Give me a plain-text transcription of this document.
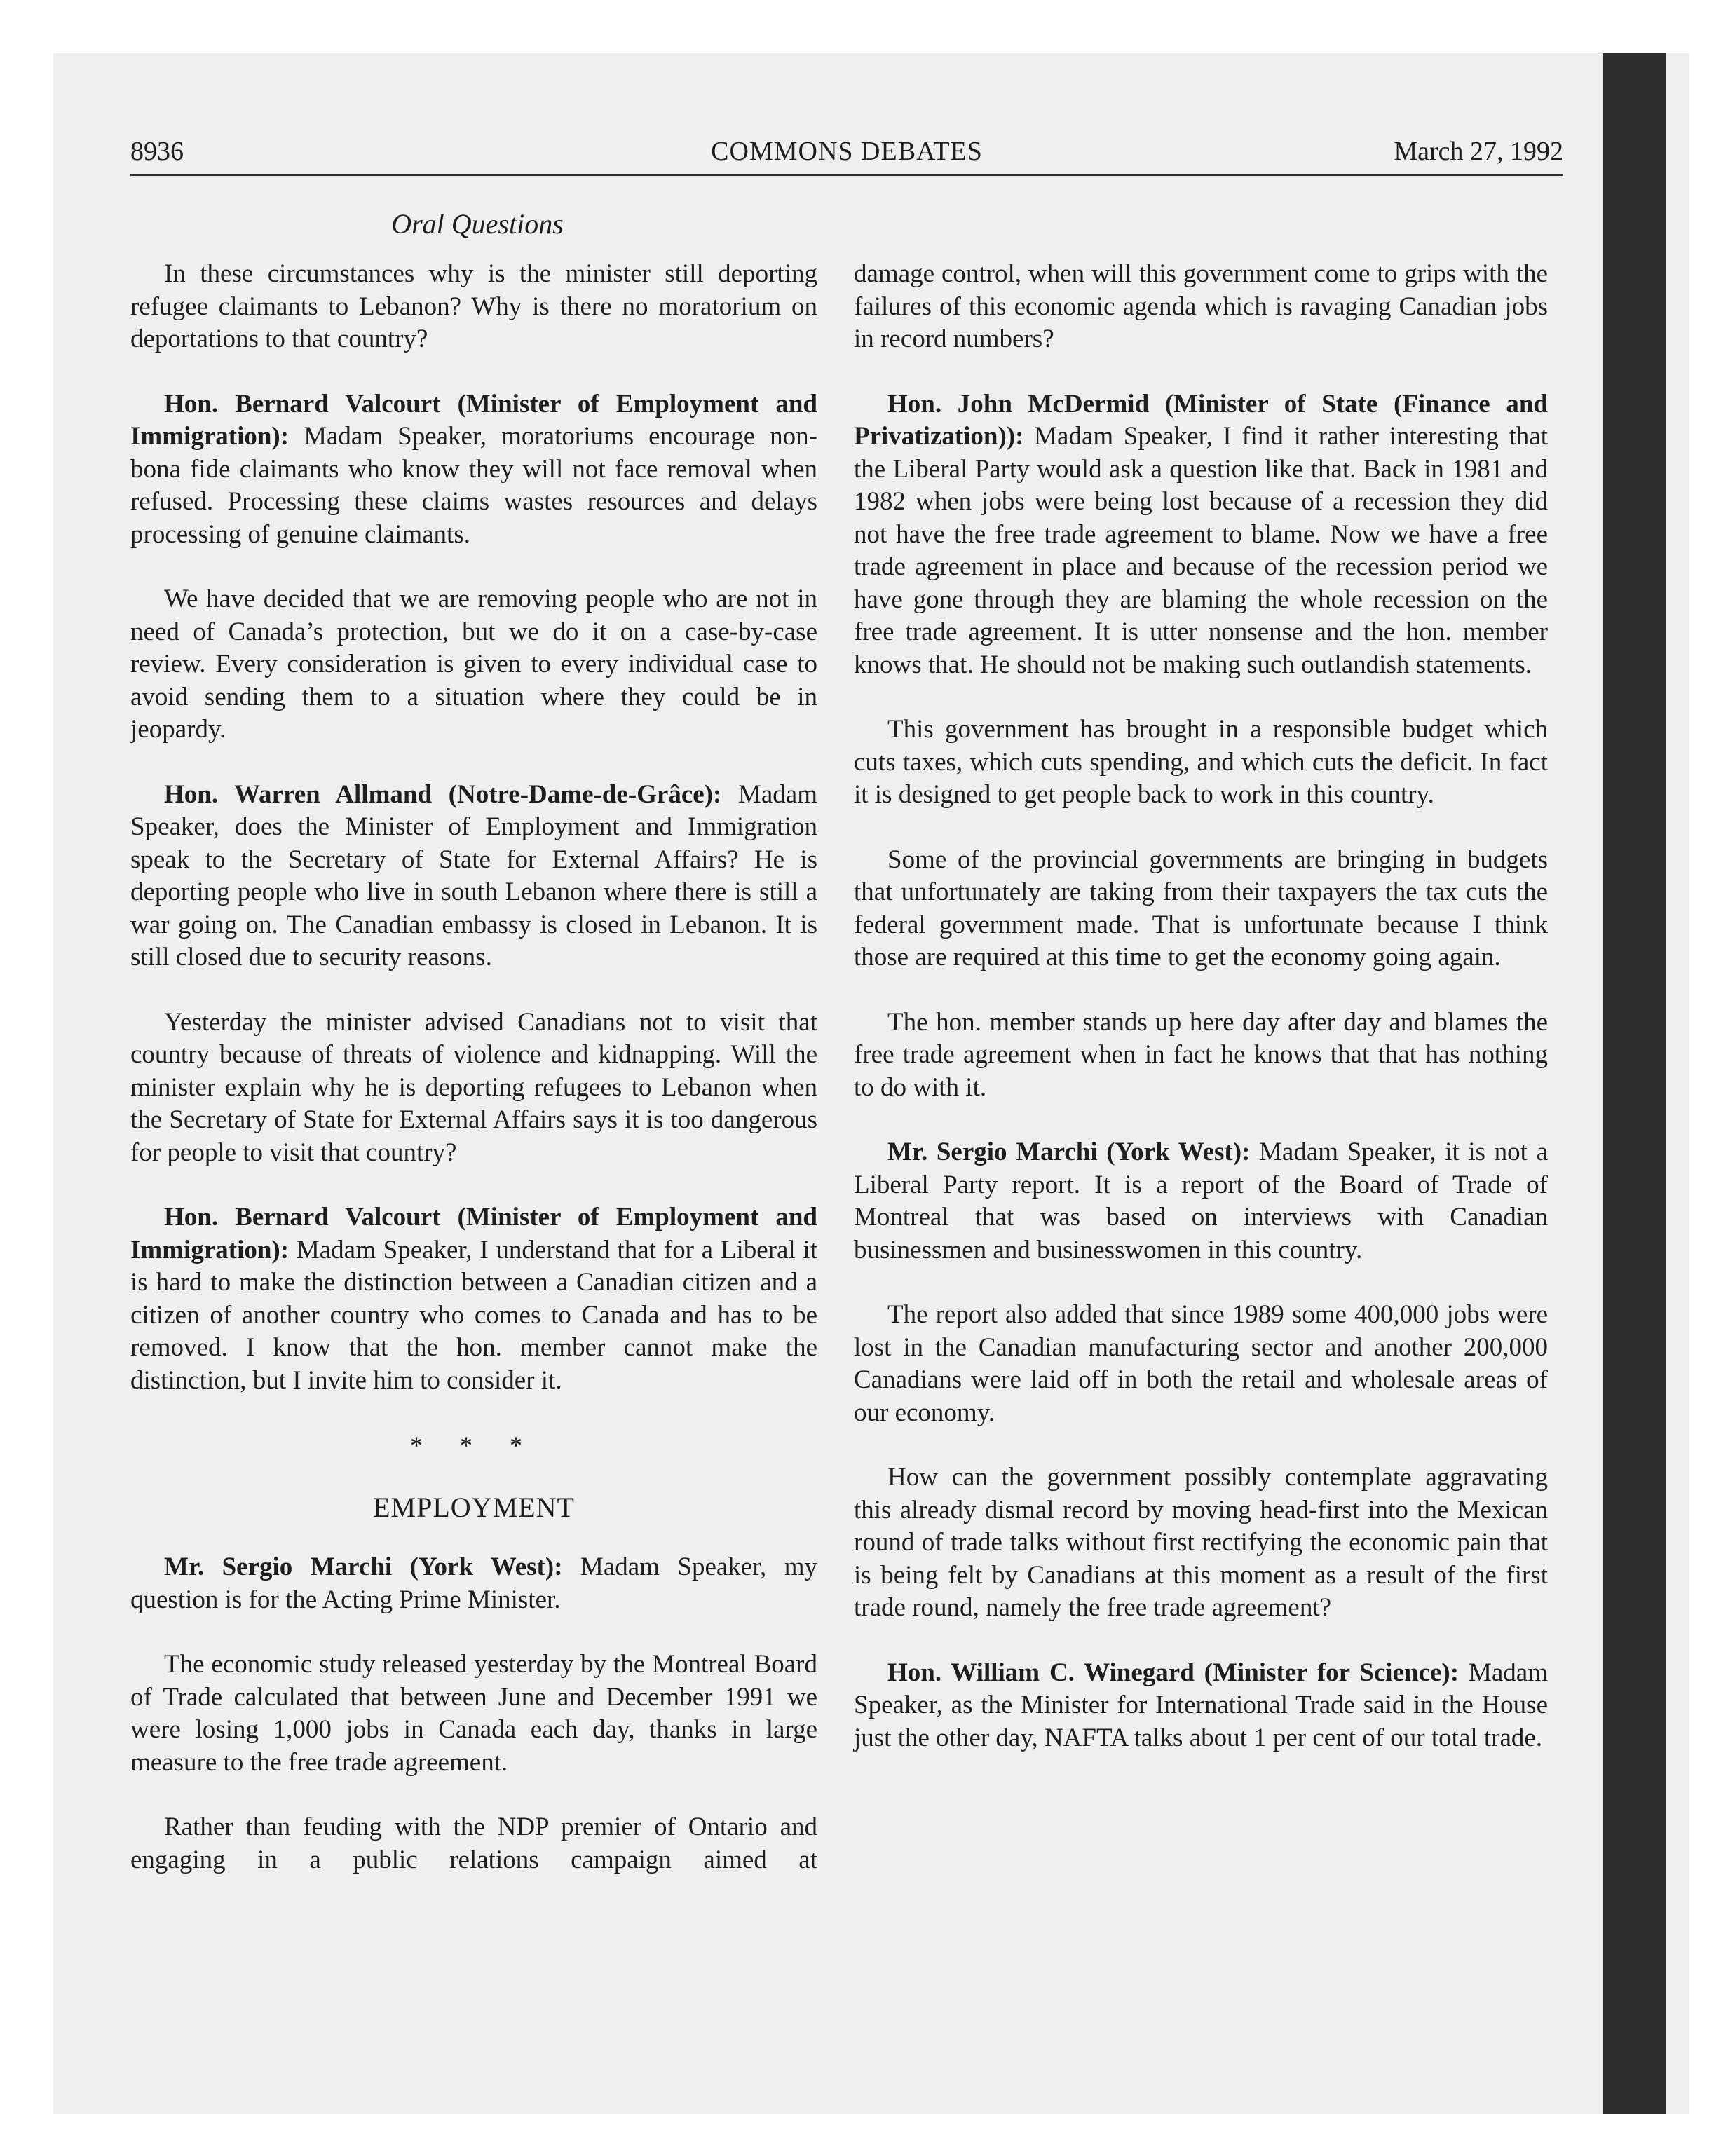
COMMONS DEBATES
8936	March 27, 1992
Oral Questions

In these circumstances why is the minister still deporting refugee claimants to Lebanon? Why is there no moratorium on deportations to that country?

Hon. Bernard Valcourt (Minister of Employment and Immigration): Madam Speaker, moratoriums encourage non-bona fide claimants who know they will not face removal when refused. Processing these claims wastes resources and delays processing of genuine claimants.

We have decided that we are removing people who are not in need of Canada’s protection, but we do it on a case-by-case review. Every consideration is given to every individual case to avoid sending them to a situation where they could be in jeopardy.

Hon. Warren Allmand (Notre-Dame-de-Grâce): Madam Speaker, does the Minister of Employment and Immigration speak to the Secretary of State for External Affairs? He is deporting people who live in south Lebanon where there is still a war going on. The Canadian embassy is closed in Lebanon. It is still closed due to security reasons.

Yesterday the minister advised Canadians not to visit that country because of threats of violence and kidnapping. Will the minister explain why he is deporting refugees to Lebanon when the Secretary of State for External Affairs says it is too dangerous for people to visit that country?

Hon. Bernard Valcourt (Minister of Employment and Immigration): Madam Speaker, I understand that for a Liberal it is hard to make the distinction between a Canadian citizen and a citizen of another country who comes to Canada and has to be removed. I know that the hon. member cannot make the distinction, but I invite him to consider it.

* * *
EMPLOYMENT

Mr. Sergio Marchi (York West): Madam Speaker, my question is for the Acting Prime Minister.

The economic study released yesterday by the Montreal Board of Trade calculated that between June and December 1991 we were losing 1,000 jobs in Canada each day, thanks in large measure to the free trade agreement.

Rather than feuding with the NDP premier of Ontario and engaging in a public relations campaign aimed at

damage control, when will this government come to grips with the failures of this economic agenda which is ravaging Canadian jobs in record numbers?

Hon. John McDermid (Minister of State (Finance and Privatization)): Madam Speaker, I find it rather interesting that the Liberal Party would ask a question like that. Back in 1981 and 1982 when jobs were being lost because of a recession they did not have the free trade agreement to blame. Now we have a free trade agreement in place and because of the recession period we have gone through they are blaming the whole recession on the free trade agreement. It is utter nonsense and the hon. member knows that. He should not be making such outlandish statements.

This government has brought in a responsible budget which cuts taxes, which cuts spending, and which cuts the deficit. In fact it is designed to get people back to work in this country.

Some of the provincial governments are bringing in budgets that unfortunately are taking from their taxpayers the tax cuts the federal government made. That is unfortunate because I think those are required at this time to get the economy going again.

The hon. member stands up here day after day and blames the free trade agreement when in fact he knows that that has nothing to do with it.

Mr. Sergio Marchi (York West): Madam Speaker, it is not a Liberal Party report. It is a report of the Board of Trade of Montreal that was based on interviews with Canadian businessmen and businesswomen in this country.

The report also added that since 1989 some 400,000 jobs were lost in the Canadian manufacturing sector and another 200,000 Canadians were laid off in both the retail and wholesale areas of our economy.

How can the government possibly contemplate aggravating this already dismal record by moving head-first into the Mexican round of trade talks without first rectifying the economic pain that is being felt by Canadians at this moment as a result of the first trade round, namely the free trade agreement?

Hon. William C. Winegard (Minister for Science): Madam Speaker, as the Minister for International Trade said in the House just the other day, NAFTA talks about 1 per cent of our total trade.
